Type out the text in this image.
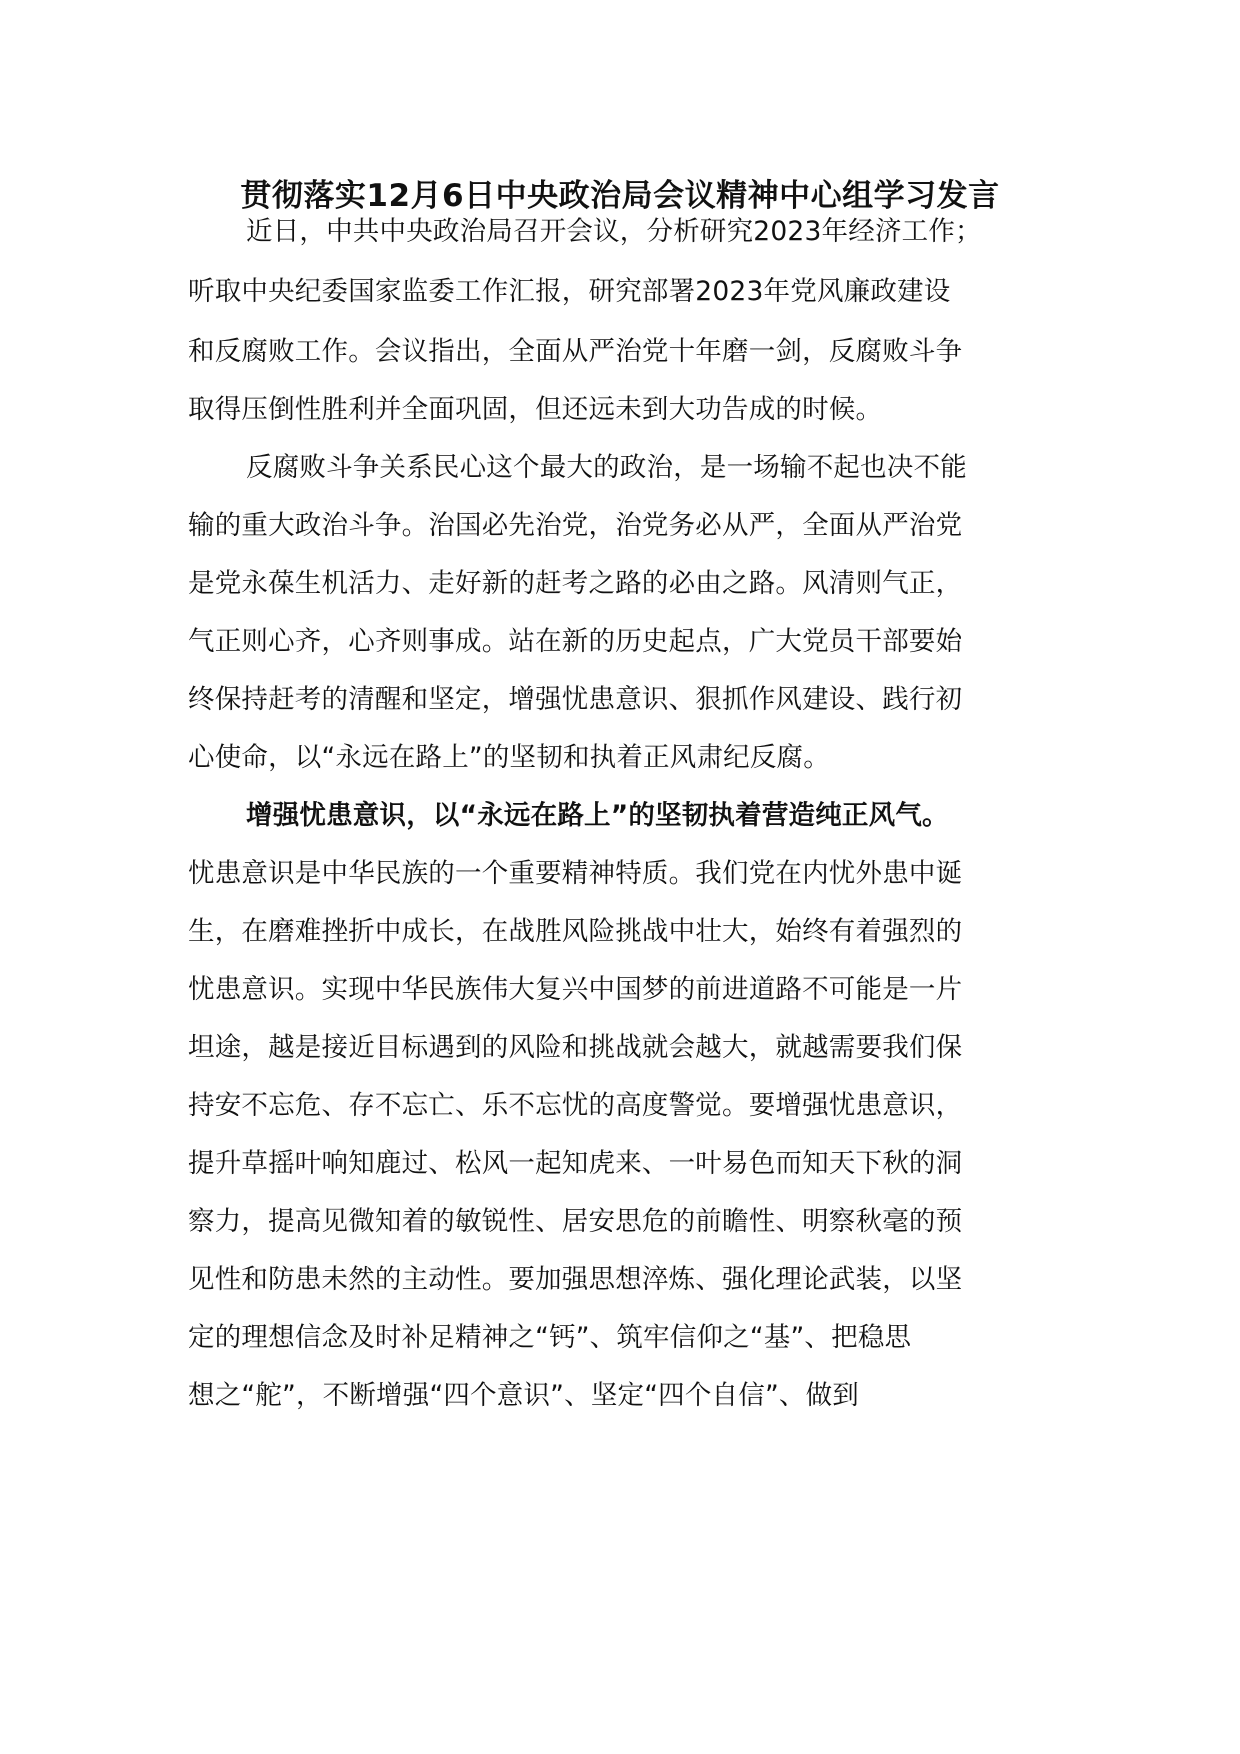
贯彻落实12月6日中央政治局会议精神中心组学习发言
近日，中共中央政治局召开会议，分析研究2023年经济工作；
听取中央纪委国家监委工作汇报，研究部署2023年党风廉政建设
和反腐败工作。会议指出，全面从严治党十年磨一剑，反腐败斗争
取得压倒性胜利并全面巩固，但还远未到大功告成的时候。
反腐败斗争关系民心这个最大的政治，是一场输不起也决不能
输的重大政治斗争。治国必先治党，治党务必从严，全面从严治党
是党永葆生机活力、走好新的赶考之路的必由之路。风清则气正，
气正则心齐，心齐则事成。站在新的历史起点，广大党员干部要始
终保持赶考的清醒和坚定，增强忧患意识、狠抓作风建设、践行初
心使命，以“永远在路上”的坚韧和执着正风肃纪反腐。
增强忧患意识，以“永远在路上”的坚韧执着营造纯正风气。
忧患意识是中华民族的一个重要精神特质。我们党在内忧外患中诞
生，在磨难挫折中成长，在战胜风险挑战中壮大，始终有着强烈的
忧患意识。实现中华民族伟大复兴中国梦的前进道路不可能是一片
坦途，越是接近目标遇到的风险和挑战就会越大，就越需要我们保
持安不忘危、存不忘亡、乐不忘忧的高度警觉。要增强忧患意识，
提升草摇叶响知鹿过、松风一起知虎来、一叶易色而知天下秋的洞
察力，提高见微知着的敏锐性、居安思危的前瞻性、明察秋毫的预
见性和防患未然的主动性。要加强思想淬炼、强化理论武装，以坚
定的理想信念及时补足精神之“钙”、筑牢信仰之“基”、把稳思
想之“舵”，不断增强“四个意识”、坚定“四个自信”、做到
